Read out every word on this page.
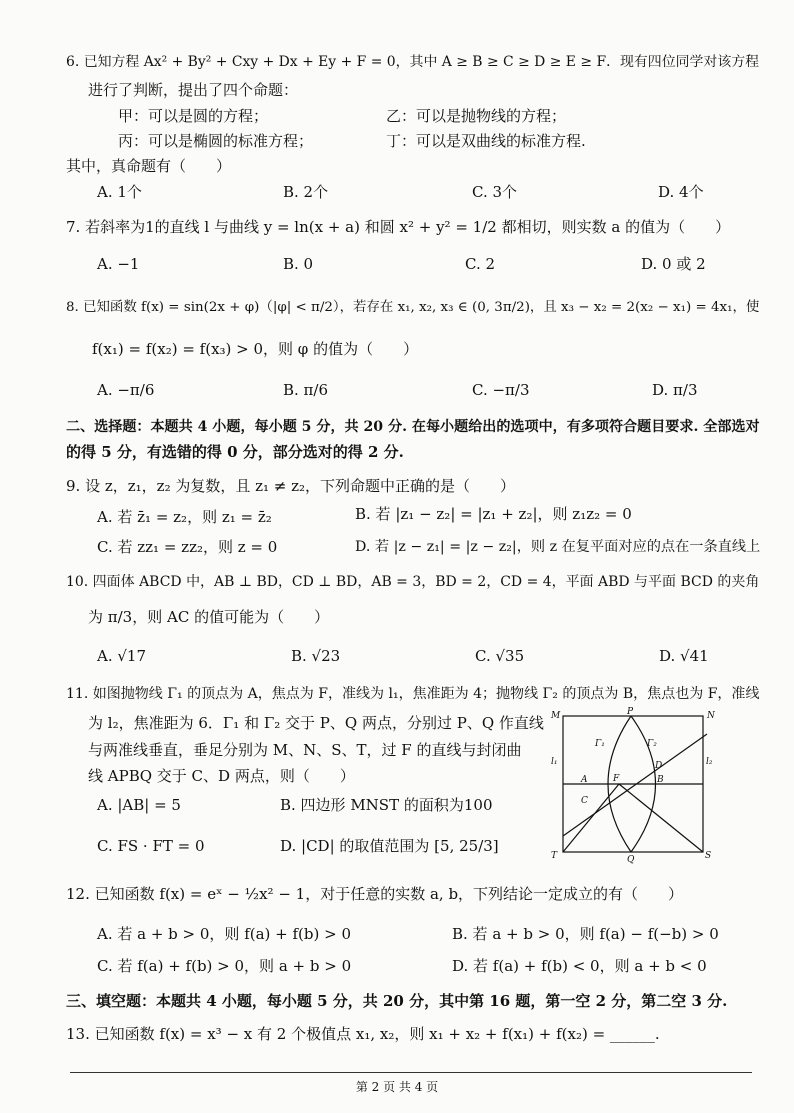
6. 已知方程 Ax² + By² + Cxy + Dx + Ey + F = 0，其中 A ≥ B ≥ C ≥ D ≥ E ≥ F．现有四位同学对该方程
进行了判断，提出了四个命题：
甲：可以是圆的方程；	乙：可以是抛物线的方程；
丙：可以是椭圆的标准方程；	丁：可以是双曲线的标准方程.
其中，真命题有（　　）
A. 1个	B. 2个	C. 3个	D. 4个
7. 若斜率为1的直线 l 与曲线 y = ln(x + a) 和圆 x² + y² = 1/2 都相切，则实数 a 的值为（　　）
A. −1	B. 0	C. 2	D. 0 或 2
8. 已知函数 f(x) = sin(2x + φ)（|φ| < π/2），若存在 x₁, x₂, x₃ ∈ (0, 3π/2)，且 x₃ − x₂ = 2(x₂ − x₁) = 4x₁，使
f(x₁) = f(x₂) = f(x₃) > 0，则 φ 的值为（　　）
A. −π/6	B. π/6	C. −π/3	D. π/3
二、选择题：本题共 4 小题，每小题 5 分，共 20 分. 在每小题给出的选项中，有多项符合题目要求. 全部选对
的得 5 分，有选错的得 0 分，部分选对的得 2 分.
9. 设 z，z₁，z₂ 为复数，且 z₁ ≠ z₂，下列命题中正确的是（　　）
A. 若 z̄₁ = z₂，则 z₁ = z̄₂	B. 若 |z₁ − z₂| = |z₁ + z₂|，则 z₁z₂ = 0
C. 若 zz₁ = zz₂，则 z = 0	D. 若 |z − z₁| = |z − z₂|，则 z 在复平面对应的点在一条直线上
10. 四面体 ABCD 中，AB ⊥ BD，CD ⊥ BD，AB = 3，BD = 2，CD = 4，平面 ABD 与平面 BCD 的夹角
为 π/3，则 AC 的值可能为（　　）
A. √17	B. √23	C. √35	D. √41
11. 如图抛物线 Γ₁ 的顶点为 A，焦点为 F，准线为 l₁，焦准距为 4；抛物线 Γ₂ 的顶点为 B，焦点也为 F，准线
为 l₂，焦准距为 6．Γ₁ 和 Γ₂ 交于 P、Q 两点，分别过 P、Q 作直线
与两准线垂直，垂足分别为 M、N、S、T，过 F 的直线与封闭曲
线 APBQ 交于 C、D 两点，则（　　）
A. |AB| = 5	B. 四边形 MNST 的面积为100
C. FS · FT = 0	D. |CD| 的取值范围为 [5, 25/3]
M	P	N
Γ₁	Γ₂
l₁	l₂
A	F	B
D
C
T	Q	S
12. 已知函数 f(x) = eˣ − ½x² − 1，对于任意的实数 a, b，下列结论一定成立的有（　　）
A. 若 a + b > 0，则 f(a) + f(b) > 0	B. 若 a + b > 0，则 f(a) − f(−b) > 0
C. 若 f(a) + f(b) > 0，则 a + b > 0	D. 若 f(a) + f(b) < 0，则 a + b < 0
三、填空题：本题共 4 小题，每小题 5 分，共 20 分，其中第 16 题，第一空 2 分，第二空 3 分.
13. 已知函数 f(x) = x³ − x 有 2 个极值点 x₁, x₂，则 x₁ + x₂ + f(x₁) + f(x₂) = ______.
第 2 页 共 4 页
